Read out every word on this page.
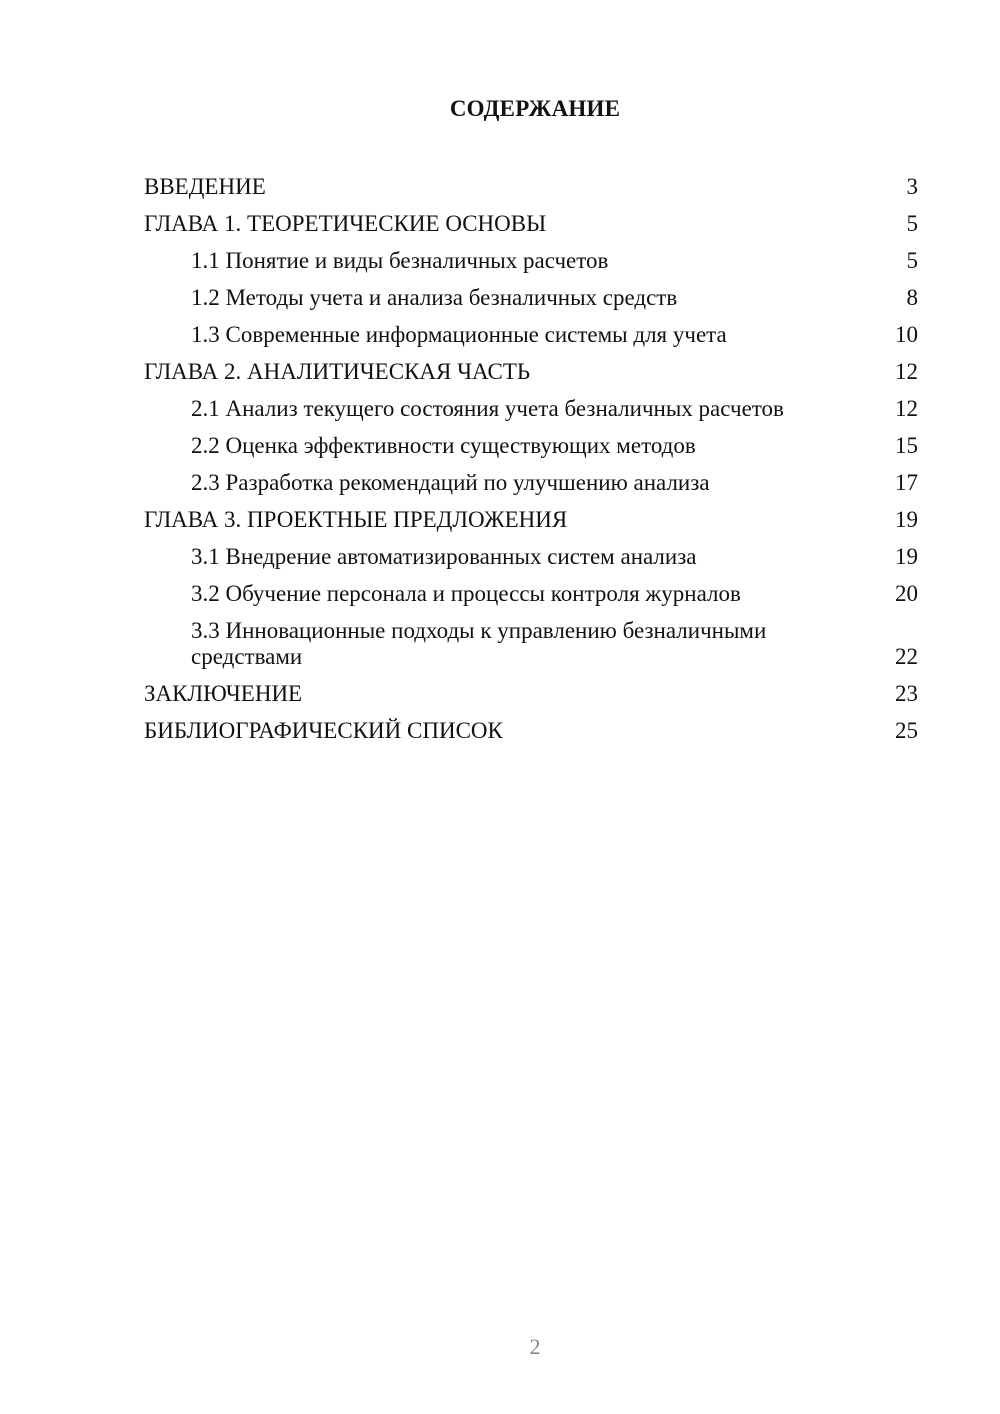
СОДЕРЖАНИЕ
ВВЕДЕНИЕ	3
ГЛАВА 1. ТЕОРЕТИЧЕСКИЕ ОСНОВЫ	5
1.1 Понятие и виды безналичных расчетов	5
1.2 Методы учета и анализа безналичных средств	8
1.3 Современные информационные системы для учета	10
ГЛАВА 2. АНАЛИТИЧЕСКАЯ ЧАСТЬ	12
2.1 Анализ текущего состояния учета безналичных расчетов	12
2.2 Оценка эффективности существующих методов	15
2.3 Разработка рекомендаций по улучшению анализа	17
ГЛАВА 3. ПРОЕКТНЫЕ ПРЕДЛОЖЕНИЯ	19
3.1 Внедрение автоматизированных систем анализа	19
3.2 Обучение персонала и процессы контроля журналов	20
3.3 Инновационные подходы к управлению безналичными средствами	22
ЗАКЛЮЧЕНИЕ	23
БИБЛИОГРАФИЧЕСКИЙ СПИСОК	25
2
